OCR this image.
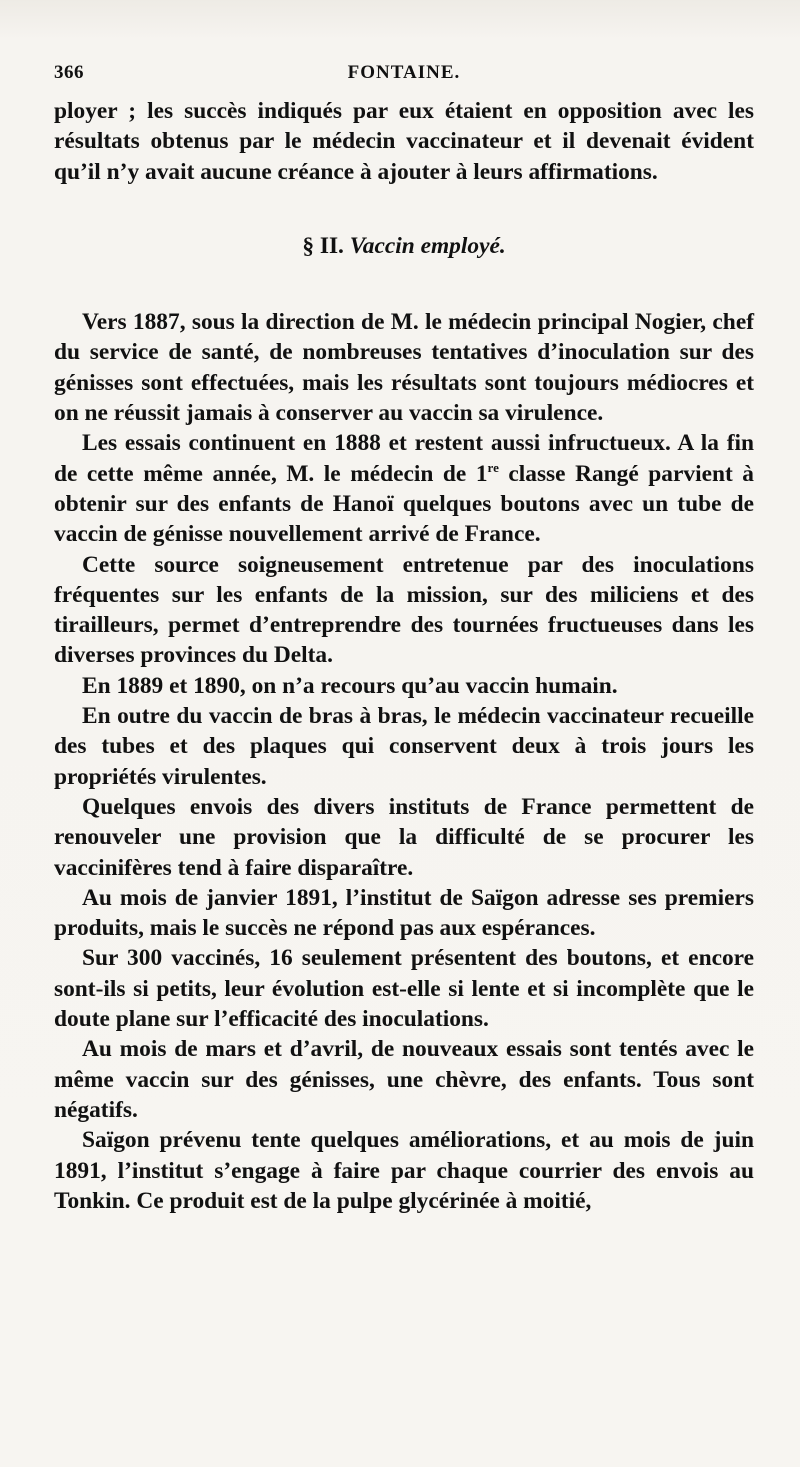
366	FONTAINE.

ployer ; les succès indiqués par eux étaient en opposition avec les résultats obtenus par le médecin vaccinateur et il devenait évident qu’il n’y avait aucune créance à ajouter à leurs affirmations.

§ II. Vaccin employé.

Vers 1887, sous la direction de M. le médecin principal Nogier, chef du service de santé, de nombreuses tentatives d’inoculation sur des génisses sont effectuées, mais les résultats sont toujours médiocres et on ne réussit jamais à conserver au vaccin sa virulence.

Les essais continuent en 1888 et restent aussi infructueux. A la fin de cette même année, M. le médecin de 1re classe Rangé parvient à obtenir sur des enfants de Hanoï quelques boutons avec un tube de vaccin de génisse nouvellement arrivé de France.

Cette source soigneusement entretenue par des inoculations fréquentes sur les enfants de la mission, sur des miliciens et des tirailleurs, permet d’entreprendre des tournées fructueuses dans les diverses provinces du Delta.

En 1889 et 1890, on n’a recours qu’au vaccin humain.

En outre du vaccin de bras à bras, le médecin vaccinateur recueille des tubes et des plaques qui conservent deux à trois jours les propriétés virulentes.

Quelques envois des divers instituts de France permettent de renouveler une provision que la difficulté de se procurer les vaccinifères tend à faire disparaître.

Au mois de janvier 1891, l’institut de Saïgon adresse ses premiers produits, mais le succès ne répond pas aux espérances.

Sur 300 vaccinés, 16 seulement présentent des boutons, et encore sont-ils si petits, leur évolution est-elle si lente et si incomplète que le doute plane sur l’efficacité des inoculations.

Au mois de mars et d’avril, de nouveaux essais sont tentés avec le même vaccin sur des génisses, une chèvre, des enfants. Tous sont négatifs.

Saïgon prévenu tente quelques améliorations, et au mois de juin 1891, l’institut s’engage à faire par chaque courrier des envois au Tonkin. Ce produit est de la pulpe glycérinée à moitié,
